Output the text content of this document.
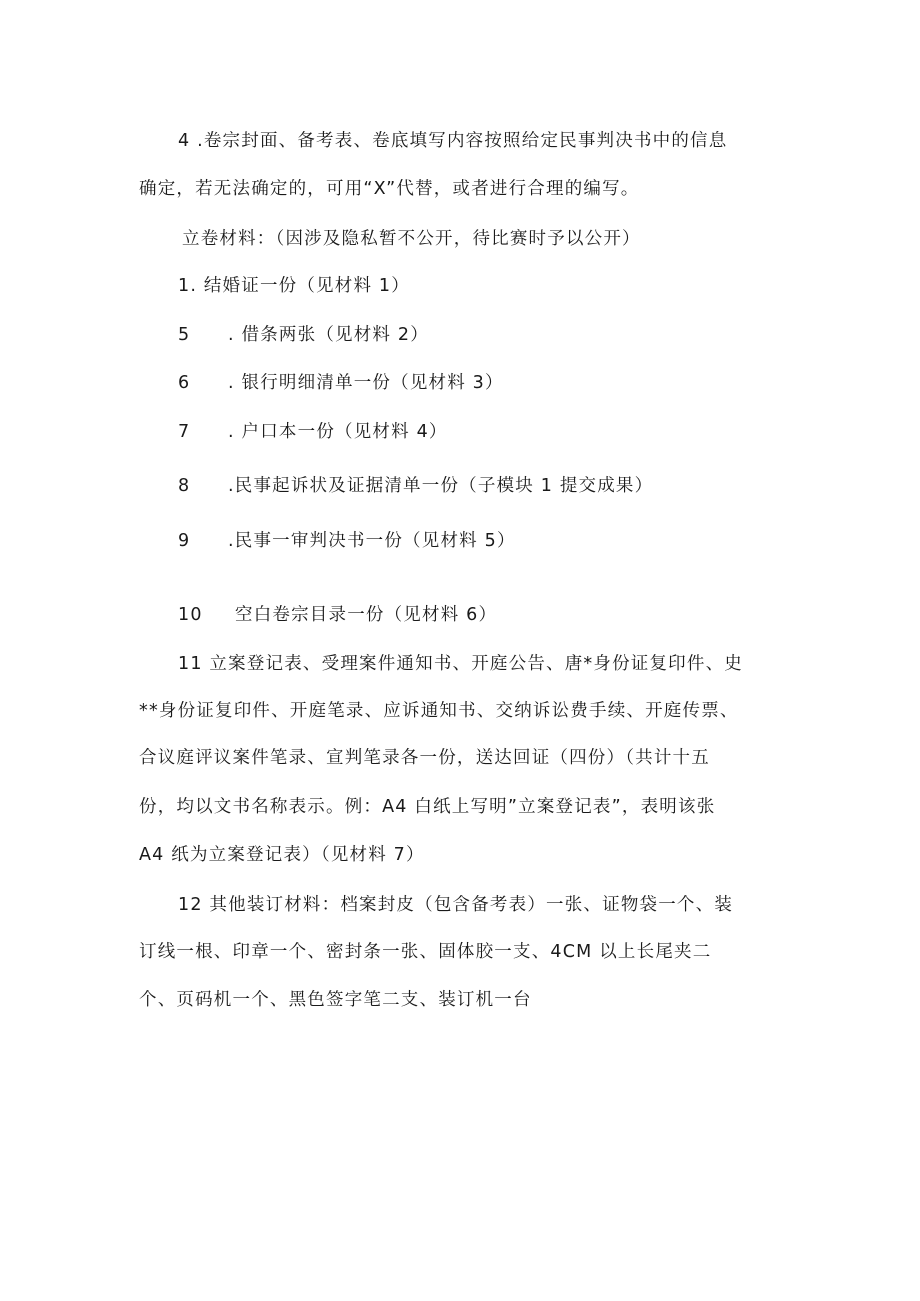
4 .卷宗封面、备考表、卷底填写内容按照给定民事判决书中的信息
确定，若无法确定的，可用“X”代替，或者进行合理的编写。
立卷材料：（因涉及隐私暂不公开，待比赛时予以公开）
1. 结婚证一份（见材料 1）
5 . 借条两张（见材料 2）
6 . 银行明细清单一份（见材料 3）
7 . 户口本一份（见材料 4）
8 .民事起诉状及证据清单一份（子模块 1 提交成果）
9 .民事一审判决书一份（见材料 5）
10 空白卷宗目录一份（见材料 6）
11 立案登记表、受理案件通知书、开庭公告、唐*身份证复印件、史
**身份证复印件、开庭笔录、应诉通知书、交纳诉讼费手续、开庭传票、
合议庭评议案件笔录、宣判笔录各一份，送达回证（四份）（共计十五
份，均以文书名称表示。例：A4 白纸上写明”立案登记表”，表明该张
A4 纸为立案登记表）（见材料 7）
12 其他装订材料：档案封皮（包含备考表）一张、证物袋一个、装
订线一根、印章一个、密封条一张、固体胶一支、4CM 以上长尾夹二
个、页码机一个、黑色签字笔二支、装订机一台
